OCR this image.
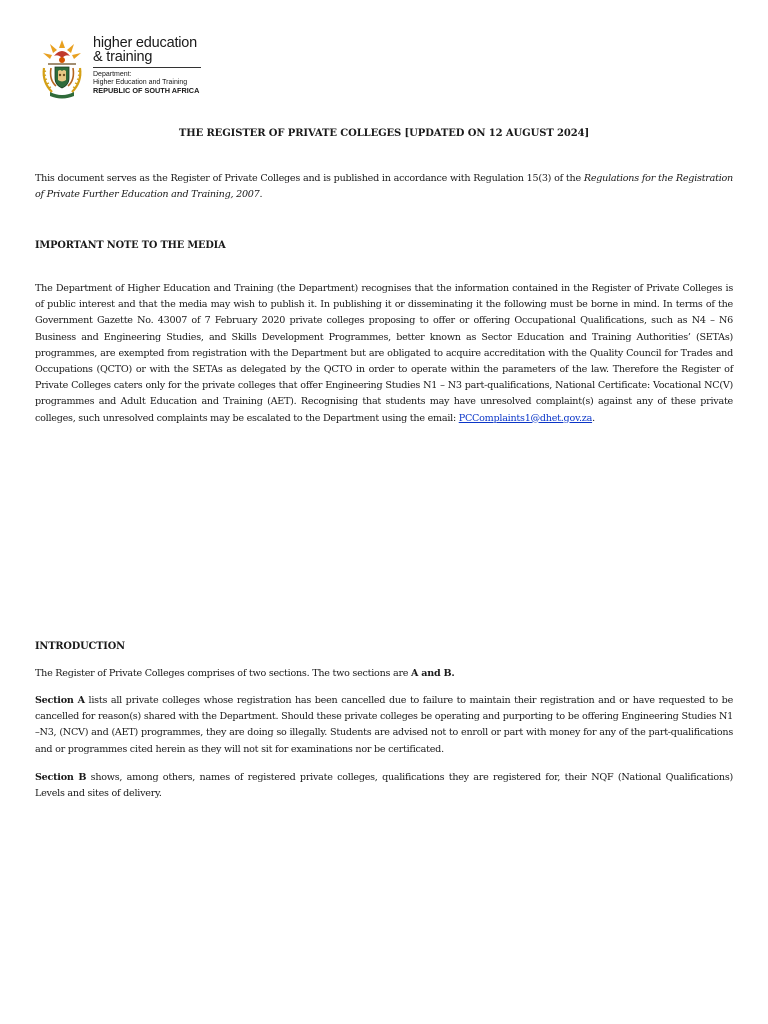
higher education
& training
Department:
Higher Education and Training
REPUBLIC OF SOUTH AFRICA
THE REGISTER OF PRIVATE COLLEGES [UPDATED ON 12 AUGUST 2024]
This document serves as the Register of Private Colleges and is published in accordance with Regulation 15(3) of the Regulations for the Registration of Private Further Education and Training, 2007.
IMPORTANT NOTE TO THE MEDIA
The Department of Higher Education and Training (the Department) recognises that the information contained in the Register of Private Colleges is of public interest and that the media may wish to publish it. In publishing it or disseminating it the following must be borne in mind. In terms of the Government Gazette No. 43007 of 7 February 2020 private colleges proposing to offer or offering Occupational Qualifications, such as N4 – N6 Business and Engineering Studies, and Skills Development Programmes, better known as Sector Education and Training Authorities’ (SETAs) programmes, are exempted from registration with the Department but are obligated to acquire accreditation with the Quality Council for Trades and Occupations (QCTO) or with the SETAs as delegated by the QCTO in order to operate within the parameters of the law. Therefore the Register of Private Colleges caters only for the private colleges that offer Engineering Studies N1 – N3 part-qualifications, National Certificate: Vocational NC(V) programmes and Adult Education and Training (AET). Recognising that students may have unresolved complaint(s) against any of these private colleges, such unresolved complaints may be escalated to the Department using the email: PCComplaints1@dhet.gov.za.
INTRODUCTION
The Register of Private Colleges comprises of two sections. The two sections are A and B.
Section A lists all private colleges whose registration has been cancelled due to failure to maintain their registration and or have requested to be cancelled for reason(s) shared with the Department. Should these private colleges be operating and purporting to be offering Engineering Studies N1 –N3, (NCV) and (AET) programmes, they are doing so illegally. Students are advised not to enroll or part with money for any of the part-qualifications and or programmes cited herein as they will not sit for examinations nor be certificated.
Section B shows, among others, names of registered private colleges, qualifications they are registered for, their NQF (National Qualifications) Levels and sites of delivery.
